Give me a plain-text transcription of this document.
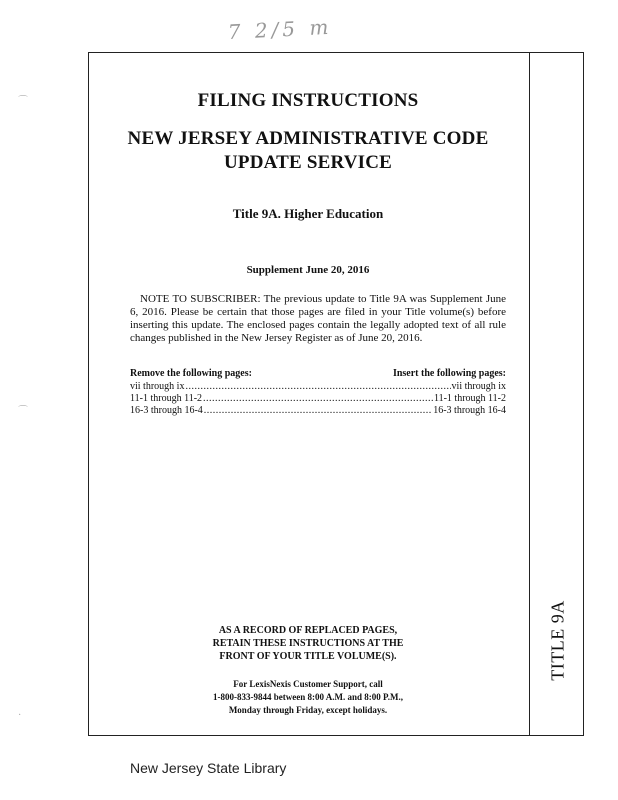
7 2/5 m
TITLE 9A
FILING INSTRUCTIONS
NEW JERSEY ADMINISTRATIVE CODE
UPDATE SERVICE
Title 9A. Higher Education
Supplement June 20, 2016
NOTE TO SUBSCRIBER: The previous update to Title 9A was Supplement June 6, 2016. Please be certain that those pages are filed in your Title volume(s) before inserting this update. The enclosed pages contain the legally adopted text of all rule changes published in the New Jersey Register as of June 20, 2016.
Remove the following pages:	Insert the following pages:
vii through ix .....	vii through ix
11-1 through 11-2 .....	11-1 through 11-2
16-3 through 16-4 .....	16-3 through 16-4
AS A RECORD OF REPLACED PAGES,
RETAIN THESE INSTRUCTIONS AT THE
FRONT OF YOUR TITLE VOLUME(S).
For LexisNexis Customer Support, call
1-800-833-9844 between 8:00 A.M. and 8:00 P.M.,
Monday through Friday, except holidays.
⌒
⌒
·
New Jersey State Library
